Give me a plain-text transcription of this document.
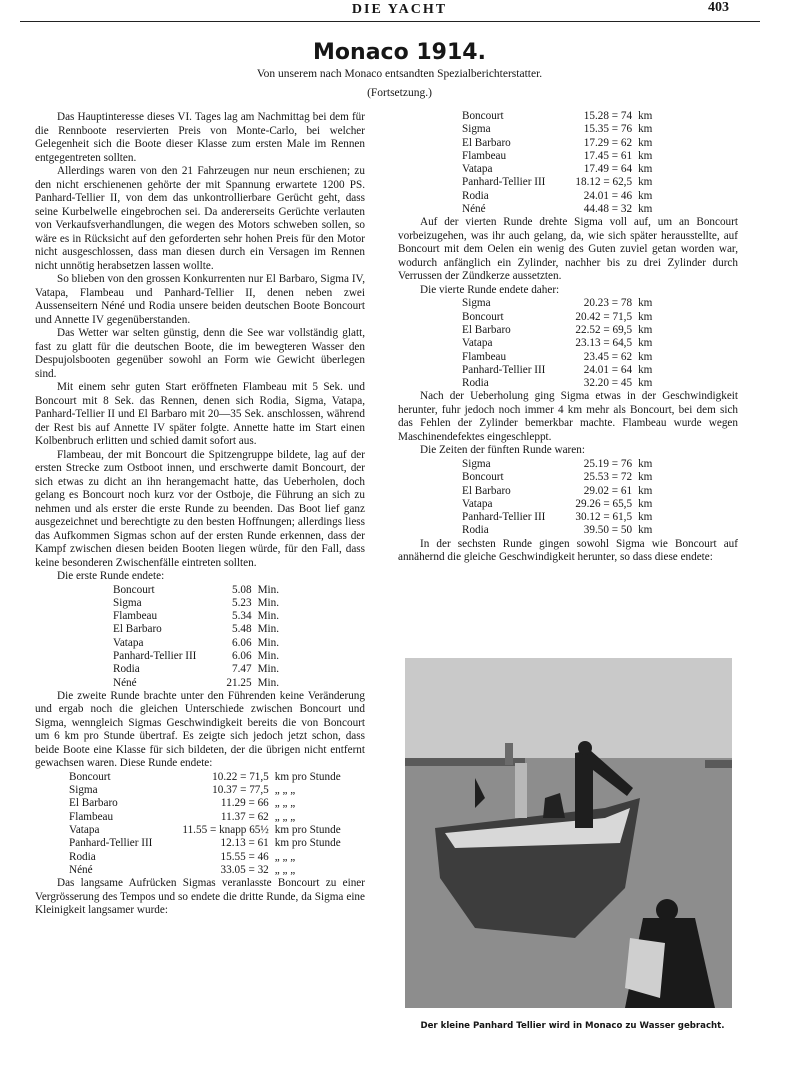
DIE YACHT	403
Monaco 1914.
Von unserem nach Monaco entsandten Spezialberichterstatter.
(Fortsetzung.)

Das Hauptinteresse dieses VI. Tages lag am Nachmittag bei dem für die Rennboote reservierten Preis von Monte-Carlo, bei welcher Gelegenheit sich die Boote dieser Klasse zum ersten Male im Rennen entgegentreten sollten.

Allerdings waren von den 21 Fahrzeugen nur neun erschienen; zu den nicht erschienenen gehörte der mit Spannung erwartete 1200 PS. Panhard-Tellier II, von dem das unkontrollierbare Gerücht geht, dass seine Kurbelwelle eingebrochen sei. Da andererseits Gerüchte verlauten von Verkaufsverhandlungen, die wegen des Motors schweben sollen, so wäre es in Rücksicht auf den geforderten sehr hohen Preis für den Motor nicht ausgeschlossen, dass man diesen durch ein Versagen im Rennen nicht unnötig herabsetzen lassen wollte.

So blieben von den grossen Konkurrenten nur El Barbaro, Sigma IV, Vatapa, Flambeau und Panhard-Tellier II, denen neben zwei Aussenseitern Néné und Rodia unsere beiden deutschen Boote Boncourt und Annette IV gegenüberstanden.

Das Wetter war selten günstig, denn die See war vollständig glatt, fast zu glatt für die deutschen Boote, die im bewegteren Wasser den Despujolsbooten gegenüber sowohl an Form wie Gewicht überlegen sind.

Mit einem sehr guten Start eröffneten Flambeau mit 5 Sek. und Boncourt mit 8 Sek. das Rennen, denen sich Rodia, Sigma, Vatapa, Panhard-Tellier II und El Barbaro mit 20—35 Sek. anschlossen, während der Rest bis auf Annette IV später folgte. Annette hatte im Start einen Kolbenbruch erlitten und schied damit sofort aus.

Flambeau, der mit Boncourt die Spitzengruppe bildete, lag auf der ersten Strecke zum Ostboot innen, und erschwerte damit Boncourt, der sich etwas zu dicht an ihn herangemacht hatte, das Ueberholen, doch gelang es Boncourt noch kurz vor der Ostboje, die Führung an sich zu nehmen und als erster die erste Runde zu beenden. Das Boot lief ganz ausgezeichnet und berechtigte zu den besten Hoffnungen; allerdings liess das Aufkommen Sigmas schon auf der ersten Runde erkennen, dass der Kampf zwischen diesen beiden Booten liegen würde, für den Fall, dass keine besonderen Zwischenfälle eintreten sollten.

Die erste Runde endete:

Boncourt	5.08	Min.
Sigma	5.23	Min.
Flambeau	5.34	Min.
El Barbaro	5.48	Min.
Vatapa	6.06	Min.
Panhard-Tellier III	6.06	Min.
Rodia	7.47	Min.
Néné	21.25	Min.

Die zweite Runde brachte unter den Führenden keine Veränderung und ergab noch die gleichen Unterschiede zwischen Boncourt und Sigma, wenngleich Sigmas Geschwindigkeit bereits die von Boncourt um 6 km pro Stunde übertraf. Es zeigte sich jedoch jetzt schon, dass beide Boote eine Klasse für sich bildeten, der die übrigen nicht entfernt gewachsen waren. Diese Runde endete:

Boncourt	10.22 = 71,5	km pro Stunde
Sigma	10.37 = 77,5	„ „ „
El Barbaro	11.29 = 66	„ „ „
Flambeau	11.37 = 62	„ „ „
Vatapa	11.55 = knapp 65½	km pro Stunde
Panhard-Tellier III	12.13 = 61	km pro Stunde
Rodia	15.55 = 46	„ „ „
Néné	33.05 = 32	„ „ „

Das langsame Aufrücken Sigmas veranlasste Boncourt zu einer Vergrösserung des Tempos und so endete die dritte Runde, da Sigma eine Kleinigkeit langsamer wurde:

Boncourt	15.28 = 74	km
Sigma	15.35 = 76	km
El Barbaro	17.29 = 62	km
Flambeau	17.45 = 61	km
Vatapa	17.49 = 64	km
Panhard-Tellier III	18.12 = 62,5	km
Rodia	24.01 = 46	km
Néné	44.48 = 32	km

Auf der vierten Runde drehte Sigma voll auf, um an Boncourt vorbeizugehen, was ihr auch gelang, da, wie sich später herausstellte, auf Boncourt mit dem Oelen ein wenig des Guten zuviel getan worden war, wodurch anfänglich ein Zylinder, nachher bis zu drei Zylinder durch Verrussen der Zündkerze aussetzten.

Die vierte Runde endete daher:

Sigma	20.23 = 78	km
Boncourt	20.42 = 71,5	km
El Barbaro	22.52 = 69,5	km
Vatapa	23.13 = 64,5	km
Flambeau	23.45 = 62	km
Panhard-Tellier III	24.01 = 64	km
Rodia	32.20 = 45	km

Nach der Ueberholung ging Sigma etwas in der Geschwindigkeit herunter, fuhr jedoch noch immer 4 km mehr als Boncourt, bei dem sich das Fehlen der Zylinder bemerkbar machte. Flambeau wurde wegen Maschinendefektes eingeschleppt.

Die Zeiten der fünften Runde waren:

Sigma	25.19 = 76	km
Boncourt	25.53 = 72	km
El Barbaro	29.02 = 61	km
Vatapa	29.26 = 65,5	km
Panhard-Tellier III	30.12 = 61,5	km
Rodia	39.50 = 50	km

In der sechsten Runde gingen sowohl Sigma wie Boncourt auf annähernd die gleiche Geschwindigkeit herunter, so dass diese endete:

Der kleine Panhard Tellier wird in Monaco zu Wasser gebracht.
